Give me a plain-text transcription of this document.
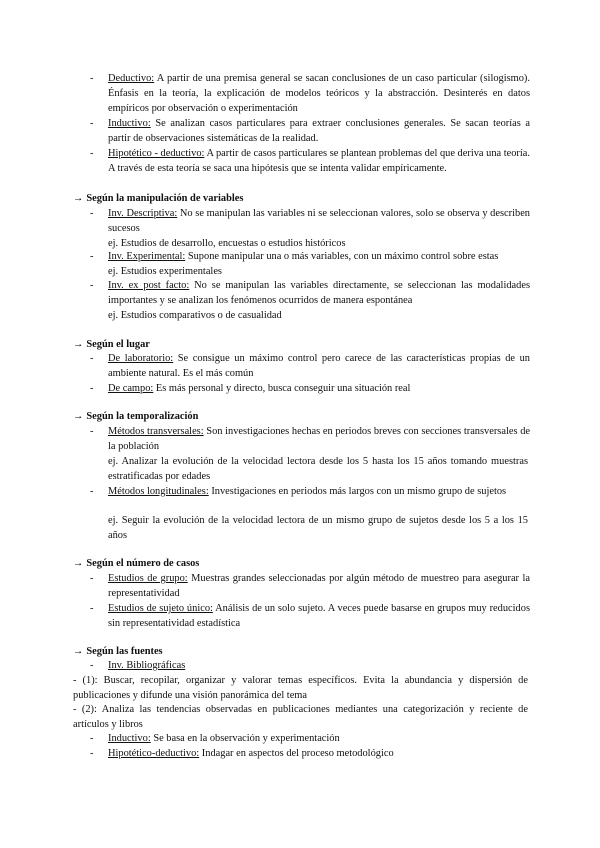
- Deductivo: A partir de una premisa general se sacan conclusiones de un caso particular (silogismo). Énfasis en la teoría, la explicación de modelos teóricos y la abstracción. Desinterés en datos empíricos por observación o experimentación
- Inductivo: Se analizan casos particulares para extraer conclusiones generales. Se sacan teorías a partir de observaciones sistemáticas de la realidad.
- Hipotético - deductivo: A partir de casos particulares se plantean problemas del que deriva una teoría. A través de esta teoría se saca una hipótesis que se intenta validar empíricamente.
→ Según la manipulación de variables
- Inv. Descriptiva: No se manipulan las variables ni se seleccionan valores, solo se observa y describen sucesos
ej. Estudios de desarrollo, encuestas o estudios históricos
- Inv. Experimental: Supone manipular una o más variables, con un máximo control sobre estas
ej. Estudios experimentales
- Inv. ex post facto: No se manipulan las variables directamente, se seleccionan las modalidades importantes y se analizan los fenómenos ocurridos de manera espontánea
ej. Estudios comparativos o de casualidad
→ Según el lugar
- De laboratorio: Se consigue un máximo control pero carece de las características propias de un ambiente natural. Es el más común
- De campo: Es más personal y directo, busca conseguir una situación real
→ Según la temporalización
- Métodos transversales: Son investigaciones hechas en periodos breves con secciones transversales de la población
ej. Analizar la evolución de la velocidad lectora desde los 5 hasta los 15 años tomando muestras estratificadas por edades
- Métodos longitudinales: Investigaciones en periodos más largos con un mismo grupo de sujetos
ej. Seguir la evolución de la velocidad lectora de un mismo grupo de sujetos desde los 5 a los 15 años
→ Según el número de casos
- Estudios de grupo: Muestras grandes seleccionadas por algún método de muestreo para asegurar la representatividad
- Estudios de sujeto único: Análisis de un solo sujeto. A veces puede basarse en grupos muy reducidos sin representatividad estadística
→ Según las fuentes
- Inv. Bibliográficas
- (1): Buscar, recopilar, organizar y valorar temas específicos. Evita la abundancia y dispersión de publicaciones y difunde una visión panorámica del tema
- (2): Analiza las tendencias observadas en publicaciones mediantes una categorización y reciente de artículos y libros
- Inductivo: Se basa en la observación y experimentación
- Hipotético-deductivo: Indagar en aspectos del proceso metodológico
